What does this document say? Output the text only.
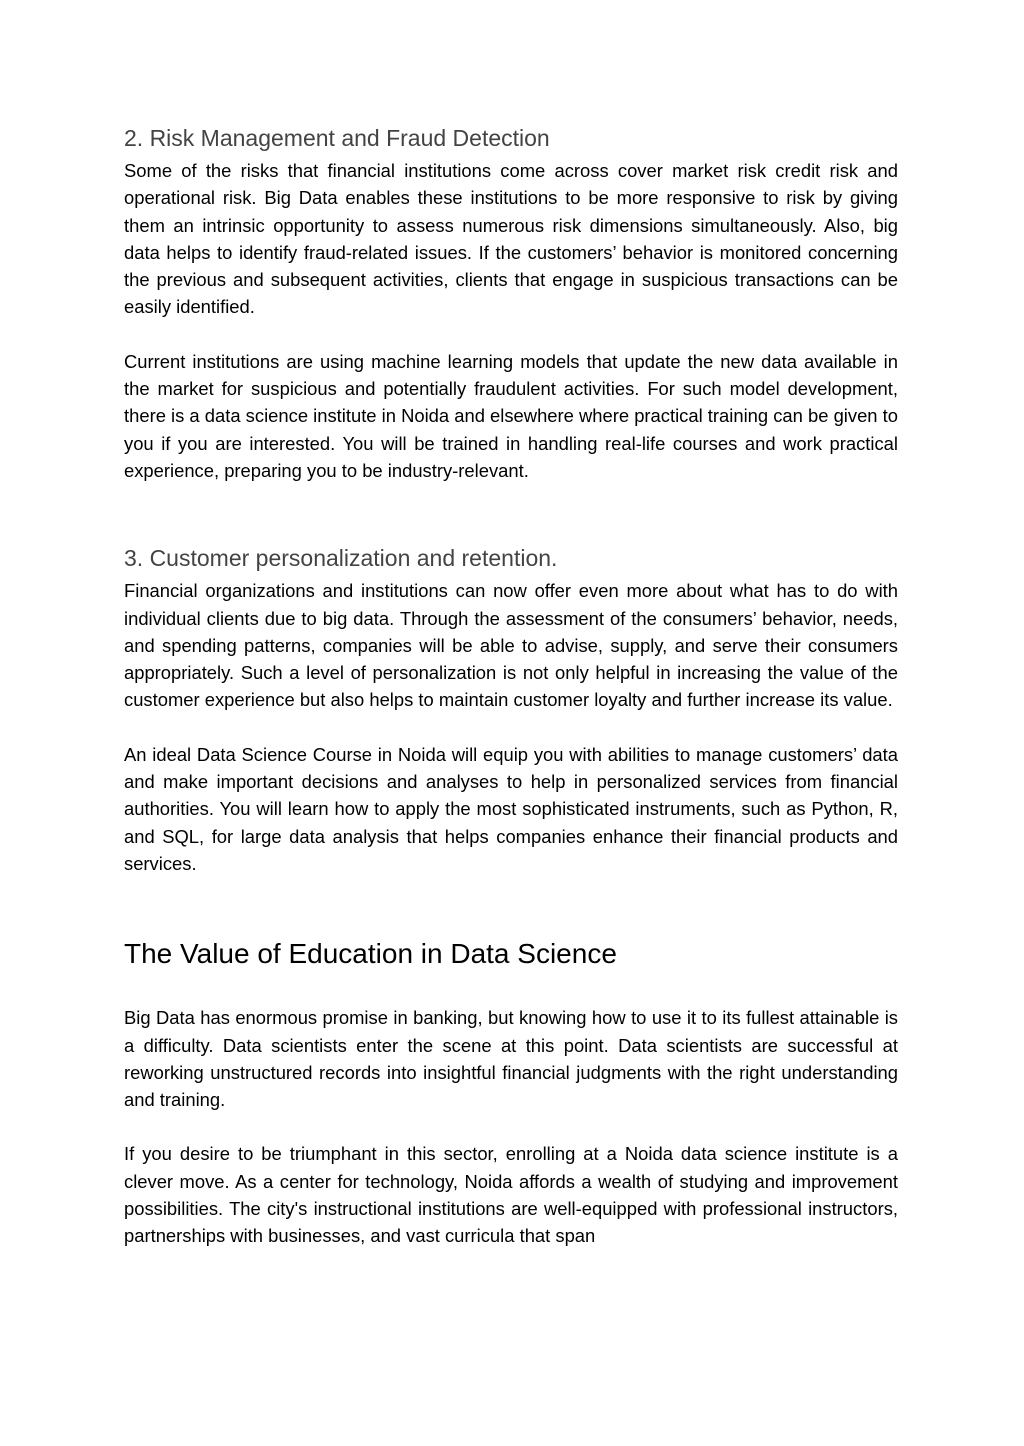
2. Risk Management and Fraud Detection

Some of the risks that financial institutions come across cover market risk credit risk and operational risk. Big Data enables these institutions to be more responsive to risk by giving them an intrinsic opportunity to assess numerous risk dimensions simultaneously. Also, big data helps to identify fraud-related issues. If the customers’ behavior is monitored concerning the previous and subsequent activities, clients that engage in suspicious transactions can be easily identified.

Current institutions are using machine learning models that update the new data available in the market for suspicious and potentially fraudulent activities. For such model development, there is a data science institute in Noida and elsewhere where practical training can be given to you if you are interested. You will be trained in handling real-life courses and work practical experience, preparing you to be industry-relevant.

3. Customer personalization and retention.

Financial organizations and institutions can now offer even more about what has to do with individual clients due to big data. Through the assessment of the consumers’ behavior, needs, and spending patterns, companies will be able to advise, supply, and serve their consumers appropriately. Such a level of personalization is not only helpful in increasing the value of the customer experience but also helps to maintain customer loyalty and further increase its value.

An ideal Data Science Course in Noida will equip you with abilities to manage customers’ data and make important decisions and analyses to help in personalized services from financial authorities. You will learn how to apply the most sophisticated instruments, such as Python, R, and SQL, for large data analysis that helps companies enhance their financial products and services.

The Value of Education in Data Science

Big Data has enormous promise in banking, but knowing how to use it to its fullest attainable is a difficulty. Data scientists enter the scene at this point. Data scientists are successful at reworking unstructured records into insightful financial judgments with the right understanding and training.

If you desire to be triumphant in this sector, enrolling at a Noida data science institute is a clever move. As a center for technology, Noida affords a wealth of studying and improvement possibilities. The city's instructional institutions are well-equipped with professional instructors, partnerships with businesses, and vast curricula that span
